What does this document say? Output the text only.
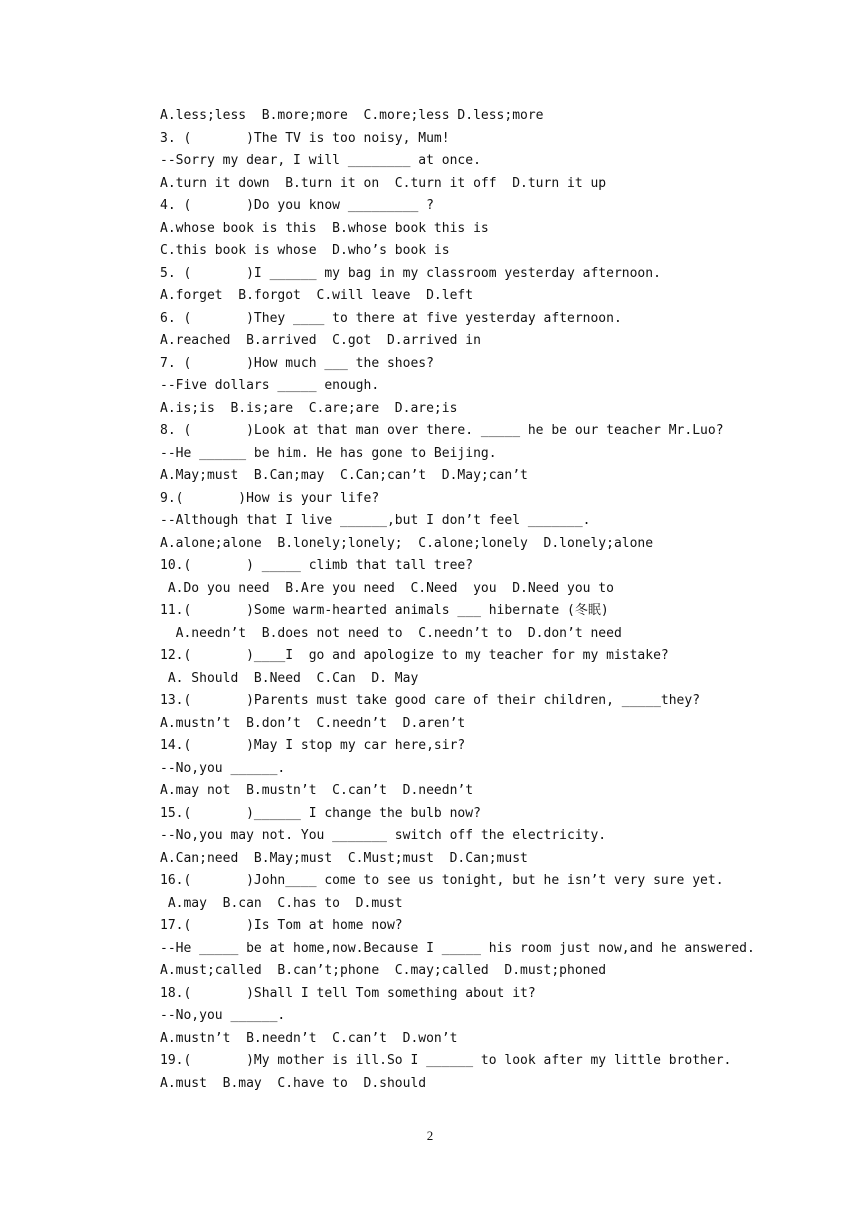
A.less;less  B.more;more  C.more;less D.less;more
3. (       )The TV is too noisy, Mum!
--Sorry my dear, I will ________ at once.
A.turn it down  B.turn it on  C.turn it off  D.turn it up
4. (       )Do you know _________ ?
A.whose book is this  B.whose book this is
C.this book is whose  D.who’s book is
5. (       )I ______ my bag in my classroom yesterday afternoon.
A.forget  B.forgot  C.will leave  D.left
6. (       )They ____ to there at five yesterday afternoon.
A.reached  B.arrived  C.got  D.arrived in
7. (       )How much ___ the shoes?
--Five dollars _____ enough.
A.is;is  B.is;are  C.are;are  D.are;is
8. (       )Look at that man over there. _____ he be our teacher Mr.Luo?
--He ______ be him. He has gone to Beijing.
A.May;must  B.Can;may  C.Can;can’t  D.May;can’t
9.(       )How is your life?
--Although that I live ______,but I don’t feel _______.
A.alone;alone  B.lonely;lonely;  C.alone;lonely  D.lonely;alone
10.(       ) _____ climb that tall tree?
A.Do you need  B.Are you need  C.Need  you  D.Need you to
11.(       )Some warm-hearted animals ___ hibernate (冬眠)
A.needn’t  B.does not need to  C.needn’t to  D.don’t need
12.(       )____I  go and apologize to my teacher for my mistake?
A. Should  B.Need  C.Can  D. May
13.(       )Parents must take good care of their children, _____they?
A.mustn’t  B.don’t  C.needn’t  D.aren’t
14.(       )May I stop my car here,sir?
--No,you ______.
A.may not  B.mustn’t  C.can’t  D.needn’t
15.(       )______ I change the bulb now?
--No,you may not. You _______ switch off the electricity.
A.Can;need  B.May;must  C.Must;must  D.Can;must
16.(       )John____ come to see us tonight, but he isn’t very sure yet.
A.may  B.can  C.has to  D.must
17.(       )Is Tom at home now?
--He _____ be at home,now.Because I _____ his room just now,and he answered.
A.must;called  B.can’t;phone  C.may;called  D.must;phoned
18.(       )Shall I tell Tom something about it?
--No,you ______.
A.mustn’t  B.needn’t  C.can’t  D.won’t
19.(       )My mother is ill.So I ______ to look after my little brother.
A.must  B.may  C.have to  D.should
2
